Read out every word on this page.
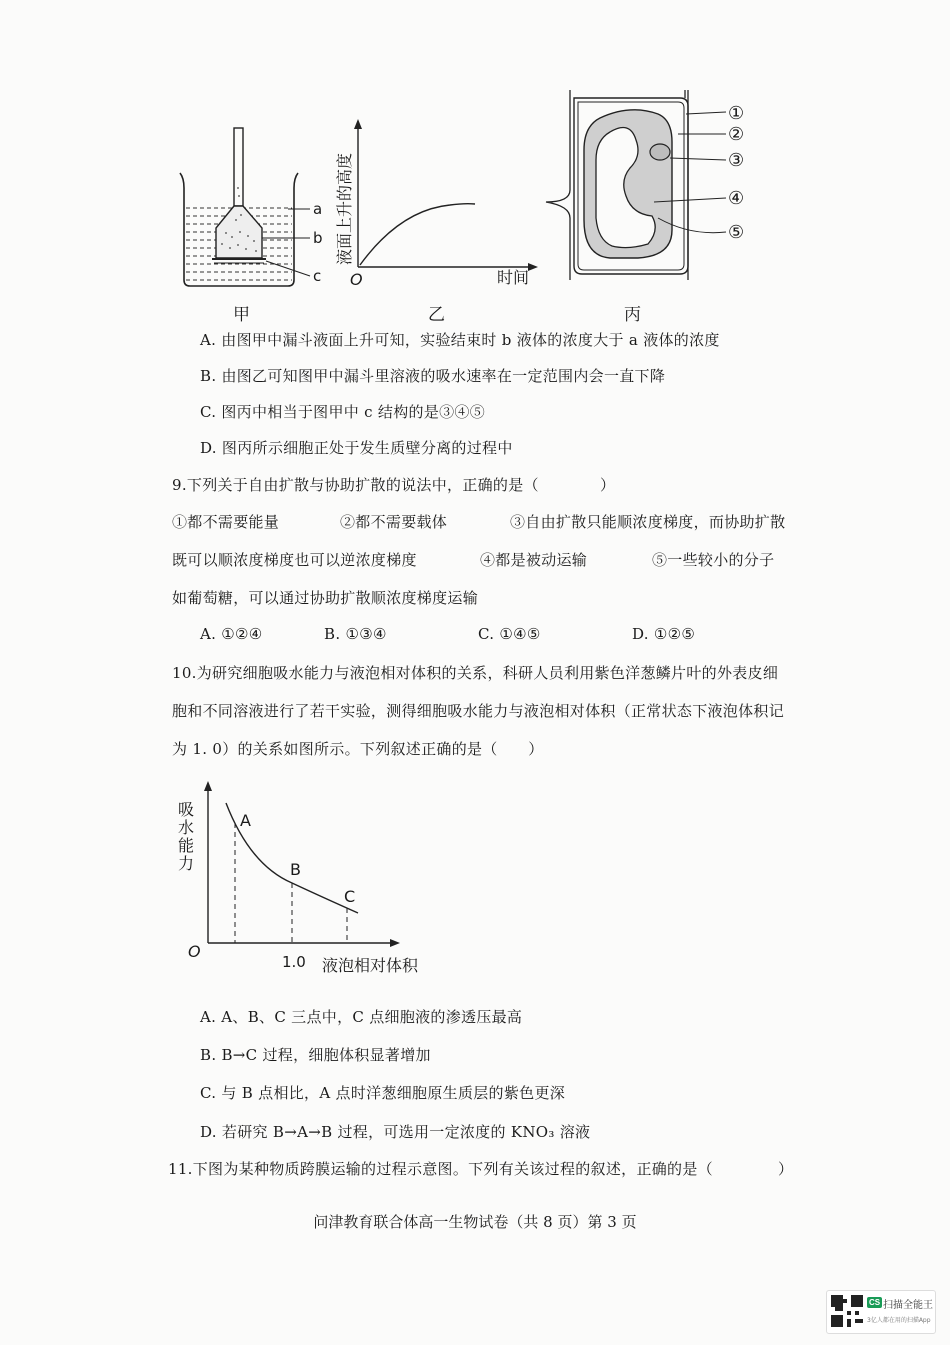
a
b
c
甲
液面上升的高度
O	时间
乙
①
②
③
④
⑤
丙
A. 由图甲中漏斗液面上升可知，实验结束时 b 液体的浓度大于 a 液体的浓度
B. 由图乙可知图甲中漏斗里溶液的吸水速率在一定范围内会一直下降
C. 图丙中相当于图甲中 c 结构的是③④⑤
D. 图丙所示细胞正处于发生质壁分离的过程中
9.下列关于自由扩散与协助扩散的说法中，正确的是（　　　　）
①都不需要能量	②都不需要载体	③自由扩散只能顺浓度梯度，而协助扩散
既可以顺浓度梯度也可以逆浓度梯度	④都是被动运输	⑤一些较小的分子
如葡萄糖，可以通过协助扩散顺浓度梯度运输
A. ①②④	B. ①③④	C. ①④⑤	D. ①②⑤
10.为研究细胞吸水能力与液泡相对体积的关系，科研人员利用紫色洋葱鳞片叶的外表皮细
胞和不同溶液进行了若干实验，测得细胞吸水能力与液泡相对体积（正常状态下液泡体积记
为 1. 0）的关系如图所示。下列叙述正确的是（　　）
A
B
C
O
1.0 液泡相对体积
吸
水
能
力
A. A、B、C 三点中，C 点细胞液的渗透压最高
B. B→C 过程，细胞体积显著增加
C. 与 B 点相比，A 点时洋葱细胞原生质层的紫色更深
D. 若研究 B→A→B 过程，可选用一定浓度的 KNO₃ 溶液
11.下图为某种物质跨膜运输的过程示意图。下列有关该过程的叙述，正确的是（	）
问津教育联合体高一生物试卷（共 8 页）第 3 页
CS 扫描全能王
3亿人都在用的扫描App
